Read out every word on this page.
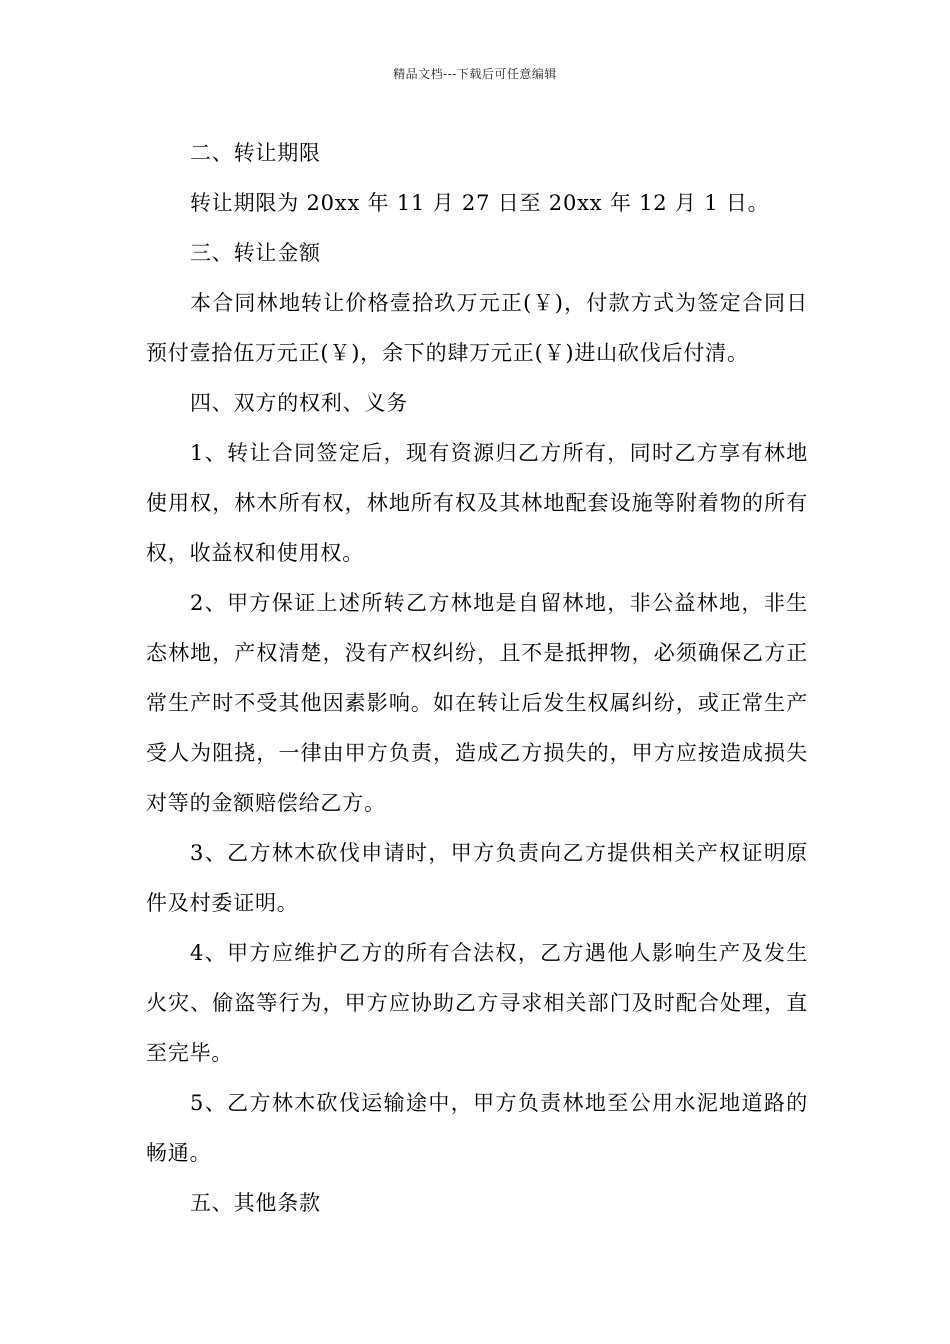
精品文档---下载后可任意编辑

二、转让期限

转让期限为 20xx 年 11 月 27 日至 20xx 年 12 月 1 日。

三、转让金额

本合同林地转让价格壹拾玖万元正(￥)，付款方式为签定合同日预付壹拾伍万元正(￥)，余下的肆万元正(￥)进山砍伐后付清。

四、双方的权利、义务

1、转让合同签定后，现有资源归乙方所有，同时乙方享有林地使用权，林木所有权，林地所有权及其林地配套设施等附着物的所有权，收益权和使用权。

2、甲方保证上述所转乙方林地是自留林地，非公益林地，非生态林地，产权清楚，没有产权纠纷，且不是抵押物，必须确保乙方正常生产时不受其他因素影响。如在转让后发生权属纠纷，或正常生产受人为阻挠，一律由甲方负责，造成乙方损失的，甲方应按造成损失对等的金额赔偿给乙方。

3、乙方林木砍伐申请时，甲方负责向乙方提供相关产权证明原件及村委证明。

4、甲方应维护乙方的所有合法权，乙方遇他人影响生产及发生火灾、偷盗等行为，甲方应协助乙方寻求相关部门及时配合处理，直至完毕。

5、乙方林木砍伐运输途中，甲方负责林地至公用水泥地道路的畅通。

五、其他条款
